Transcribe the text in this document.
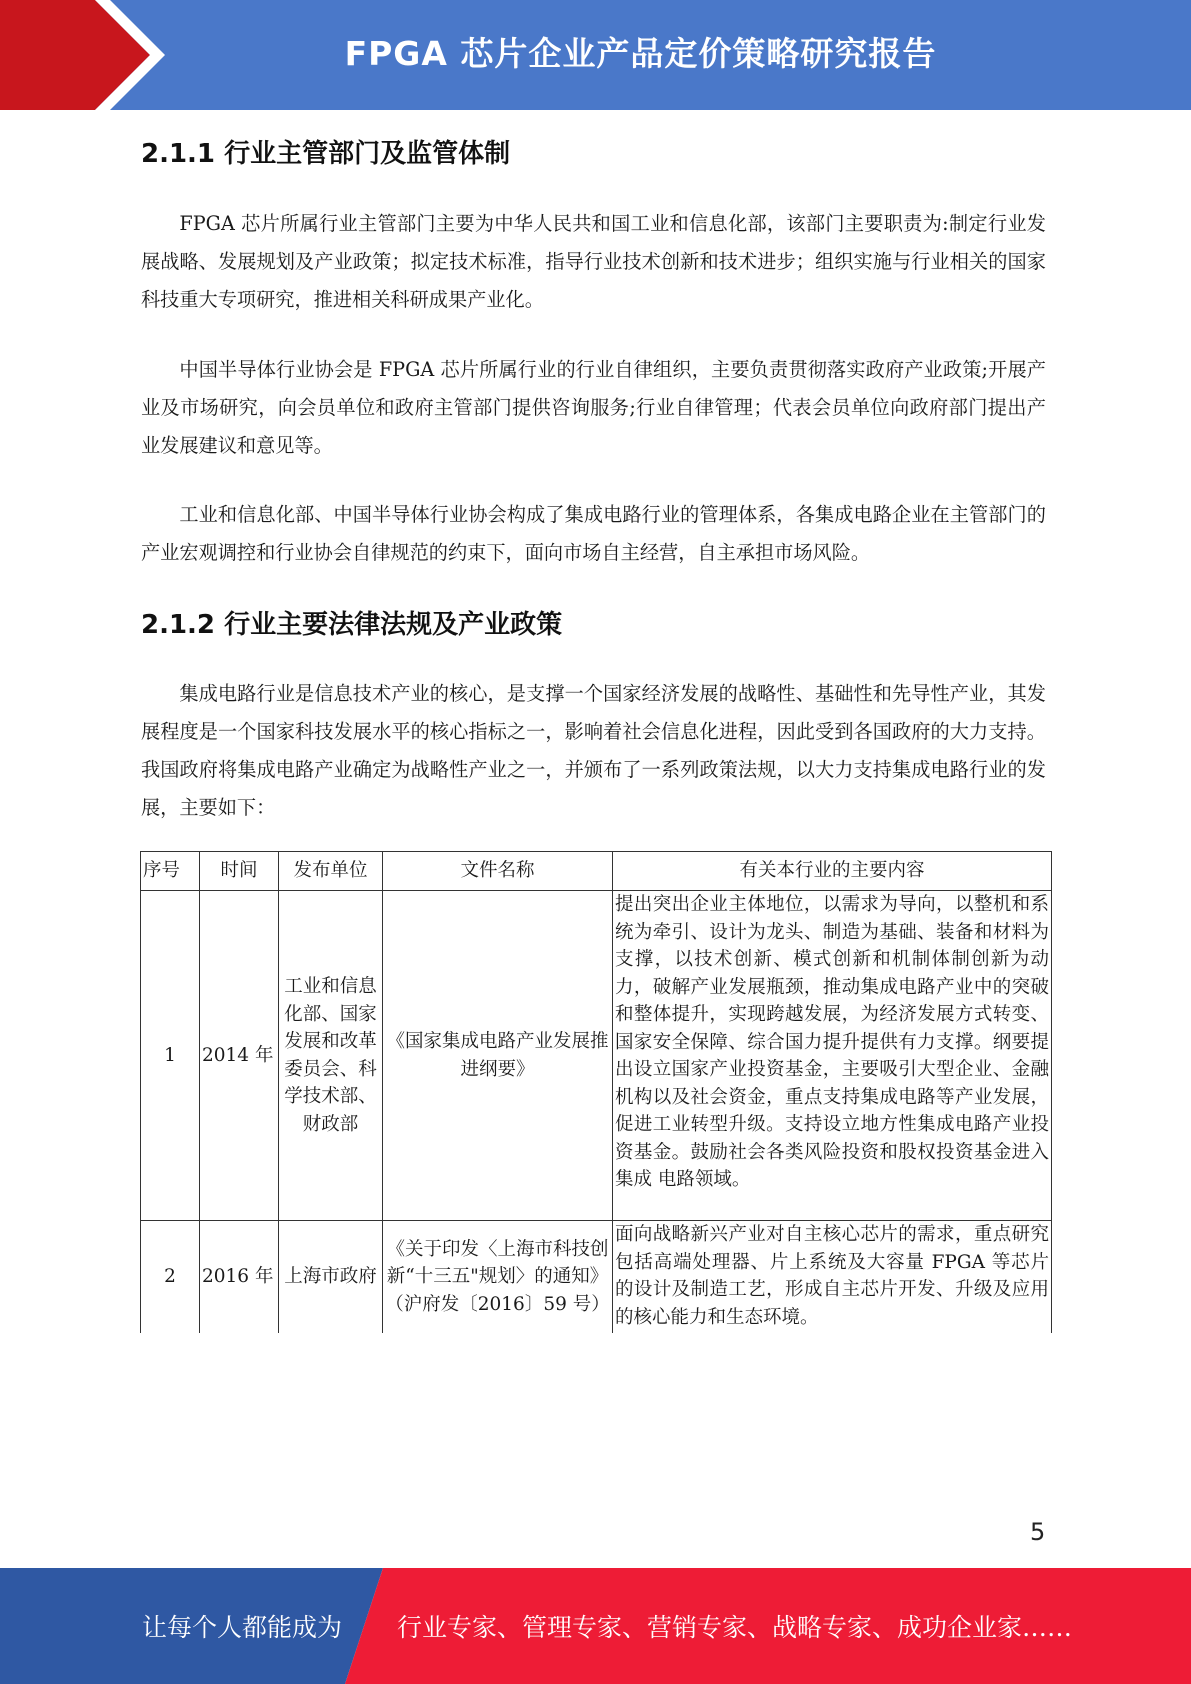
FPGA 芯片企业产品定价策略研究报告
2.1.1 行业主管部门及监管体制

FPGA 芯片所属行业主管部门主要为中华人民共和国工业和信息化部，该部门主要职责为:制定行业发展战略、发展规划及产业政策；拟定技术标准，指导行业技术创新和技术进步；组织实施与行业相关的国家科技重大专项研究，推进相关科研成果产业化。

中国半导体行业协会是 FPGA 芯片所属行业的行业自律组织，主要负责贯彻落实政府产业政策;开展产业及市场研究，向会员单位和政府主管部门提供咨询服务;行业自律管理；代表会员单位向政府部门提出产业发展建议和意见等。

工业和信息化部、中国半导体行业协会构成了集成电路行业的管理体系，各集成电路企业在主管部门的产业宏观调控和行业协会自律规范的约束下，面向市场自主经营，自主承担市场风险。

2.1.2 行业主要法律法规及产业政策

集成电路行业是信息技术产业的核心，是支撑一个国家经济发展的战略性、基础性和先导性产业，其发展程度是一个国家科技发展水平的核心指标之一，影响着社会信息化进程，因此受到各国政府的大力支持。我国政府将集成电路产业确定为战略性产业之一，并颁布了一系列政策法规，以大力支持集成电路行业的发展，主要如下：

序号	时间	发布单位	文件名称	有关本行业的主要内容
1	2014 年	工业和信息化部、国家发展和改革委员会、科学技术部、财政部	《国家集成电路产业发展推进纲要》	提出突出企业主体地位，以需求为导向，以整机和系统为牵引、设计为龙头、制造为基础、装备和材料为支撑，以技术创新、模式创新和机制体制创新为动力，破解产业发展瓶颈，推动集成电路产业中的突破和整体提升，实现跨越发展，为经济发展方式转变、国家安全保障、综合国力提升提供有力支撑。纲要提出设立国家产业投资基金，主要吸引大型企业、金融机构以及社会资金，重点支持集成电路等产业发展，促进工业转型升级。支持设立地方性集成电路产业投资基金。鼓励社会各类风险投资和股权投资基金进入集成 电路领域。
2	2016 年	上海市政府	《关于印发〈上海市科技创新“十三五"规划〉的通知》（沪府发〔2016〕59 号）	面向战略新兴产业对自主核心芯片的需求，重点研究包括高端处理器、片上系统及大容量 FPGA 等芯片的设计及制造工艺，形成自主芯片开发、升级及应用的核心能力和生态环境。
5
让每个人都能成为 行业专家、管理专家、营销专家、战略专家、成功企业家……
